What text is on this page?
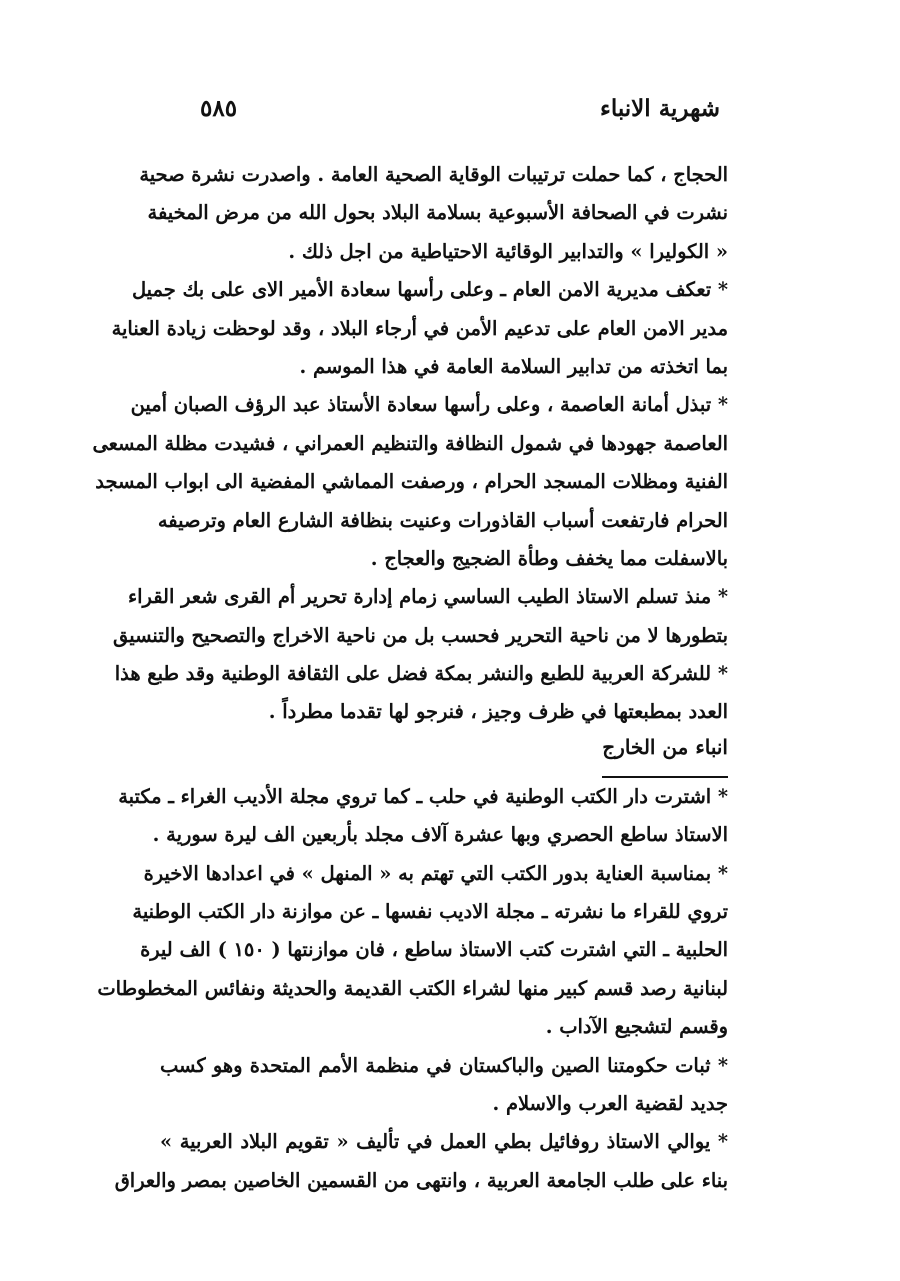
٥٨٥	شهرية الانباء
الحجاج ، كما حملت ترتيبات الوقاية الصحية العامة . واصدرت نشرة صحية
نشرت في الصحافة الأسبوعية بسلامة البلاد بحول الله من مرض المخيفة
« الكوليرا » والتدابير الوقائية الاحتياطية من اجل ذلك .
* تعكف مديرية الامن العام ـ وعلى رأسها سعادة الأمير الاى على بك جميل
مدير الامن العام على تدعيم الأمن في أرجاء البلاد ، وقد لوحظت زيادة العناية
بما اتخذته من تدابير السلامة العامة في هذا الموسم .
* تبذل أمانة العاصمة ، وعلى رأسها سعادة الأستاذ عبد الرؤف الصبان أمين
العاصمة جهودها في شمول النظافة والتنظيم العمراني ، فشيدت مظلة المسعى
الفنية ومظلات المسجد الحرام ، ورصفت المماشي المفضية الى ابواب المسجد
الحرام فارتفعت أسباب القاذورات وعنيت بنظافة الشارع العام وترصيفه
بالاسفلت مما يخفف وطأة الضجيج والعجاج .
* منذ تسلم الاستاذ الطيب الساسي زمام إدارة تحرير أم القرى شعر القراء
بتطورها لا من ناحية التحرير فحسب بل من ناحية الاخراج والتصحيح والتنسيق
* للشركة العربية للطبع والنشر بمكة فضل على الثقافة الوطنية وقد طبع هذا
العدد بمطبعتها في ظرف وجيز ، فنرجو لها تقدما مطرداً .
انباء من الخارج
* اشترت دار الكتب الوطنية في حلب ـ كما تروي مجلة الأديب الغراء ـ مكتبة
الاستاذ ساطع الحصري وبها عشرة آلاف مجلد بأربعين الف ليرة سورية .
* بمناسبة العناية بدور الكتب التي تهتم به « المنهل » في اعدادها الاخيرة
تروي للقراء ما نشرته ـ مجلة الاديب نفسها ـ عن موازنة دار الكتب الوطنية
الحلبية ـ التي اشترت كتب الاستاذ ساطع ، فان موازنتها ( ١٥٠ ) الف ليرة
لبنانية رصد قسم كبير منها لشراء الكتب القديمة والحديثة ونفائس المخطوطات
وقسم لتشجيع الآداب .
* ثبات حكومتنا الصين والباكستان في منظمة الأمم المتحدة وهو كسب
جديد لقضية العرب والاسلام .
* يوالي الاستاذ روفائيل بطي العمل في تأليف « تقويم البلاد العربية »
بناء على طلب الجامعة العربية ، وانتهى من القسمين الخاصين بمصر والعراق
